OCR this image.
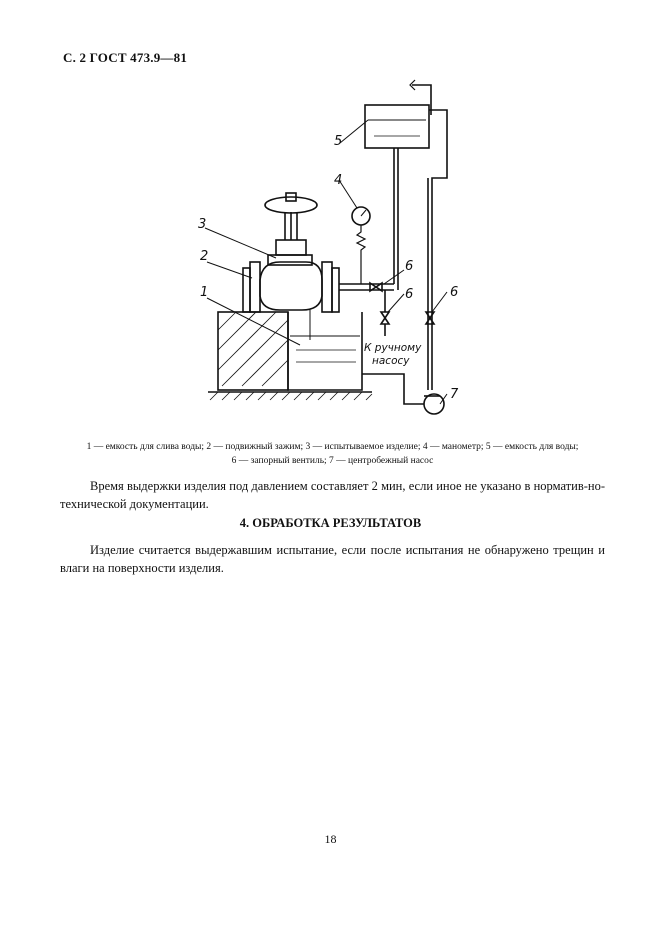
С. 2 ГОСТ 473.9—81
5
4
3
2
1
6
6	6
7
К ручному
насосу
1 — емкость для слива воды; 2 — подвижный зажим; 3 — испытываемое изделие; 4 — манометр; 5 — емкость для воды;
6 — запорный вентиль; 7 — центробежный насос
Время выдержки изделия под давлением составляет 2 мин, если иное не указано в норматив-но-технической документации.
4. ОБРАБОТКА РЕЗУЛЬТАТОВ
Изделие считается выдержавшим испытание, если после испытания не обнаружено трещин и влаги на поверхности изделия.
18
